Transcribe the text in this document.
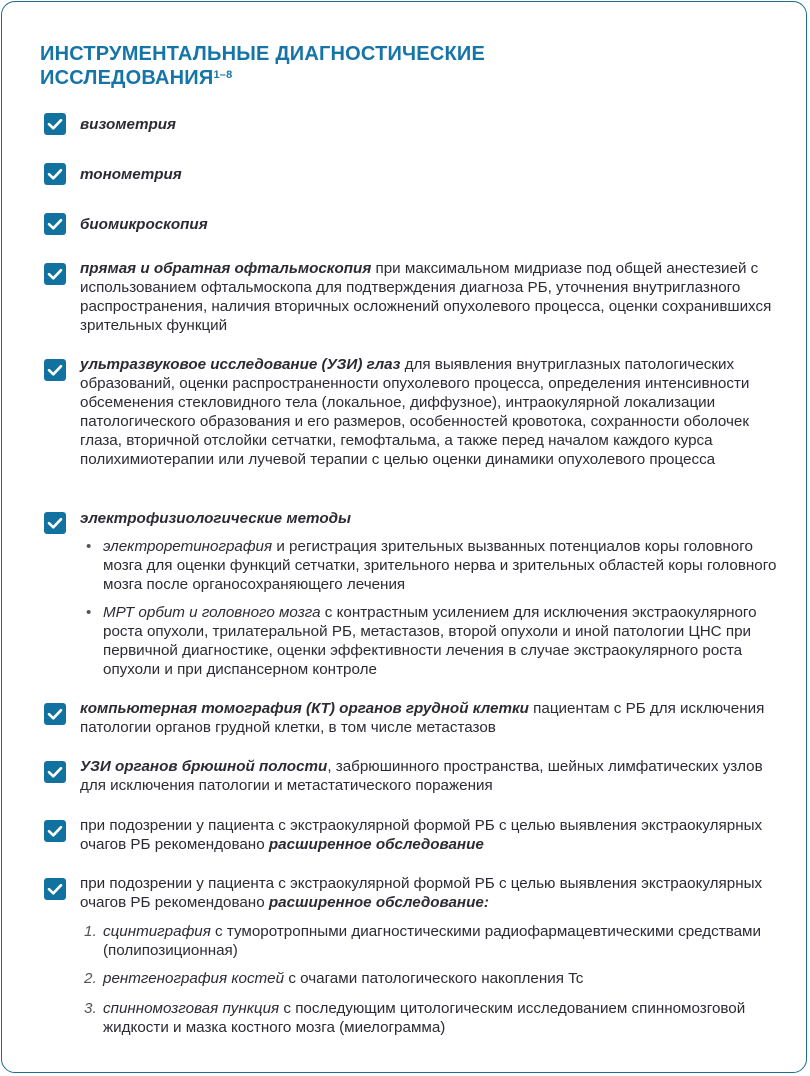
ИНСТРУМЕНТАЛЬНЫЕ ДИАГНОСТИЧЕСКИЕ
ИССЛЕДОВАНИЯ$^{1-8}$
визометрия
тонометрия
биомикроскопия
прямая и обратная офтальмоскопия при максимальном мидриазе под общей анестезией с использованием офтальмоскопа для подтверждения диагноза РБ, уточнения внутриглазного распространения, наличия вторичных осложнений опухолевого процесса, оценки сохранившихся зрительных функций
ультразвуковое исследование (УЗИ) глаз для выявления внутриглазных патологических образований, оценки распространенности опухолевого процесса, определения интенсивности обсеменения стекловидного тела (локальное, диффузное), интраокулярной локализации патологического образования и его размеров, особенностей кровотока, сохранности оболочек глаза, вторичной отслойки сетчатки, гемофтальма, а также перед началом каждого курса полихимиотерапии или лучевой терапии с целью оценки динамики опухолевого процесса
электрофизиологические методы
• электроретинография и регистрация зрительных вызванных потенциалов коры головного мозга для оценки функций сетчатки, зрительного нерва и зрительных областей коры головного мозга после органосохраняющего лечения
• МРТ орбит и головного мозга с контрастным усилением для исключения экстраокулярного роста опухоли, трилатеральной РБ, метастазов, второй опухоли и иной патологии ЦНС при первичной диагностике, оценки эффективности лечения в случае экстраокулярного роста опухоли и при диспансерном контроле
компьютерная томография (КТ) органов грудной клетки пациентам с РБ для исключения патологии органов грудной клетки, в том числе метастазов
УЗИ органов брюшной полости, забрюшинного пространства, шейных лимфатических узлов для исключения патологии и метастатического поражения
при подозрении у пациента с экстраокулярной формой РБ с целью выявления экстраокулярных очагов РБ рекомендовано расширенное обследование
при подозрении у пациента с экстраокулярной формой РБ с целью выявления экстраокулярных очагов РБ рекомендовано расширенное обследование:
1. сцинтиграфия с туморотропными диагностическими радиофармацевтическими средствами (полипозиционная)
2. рентгенография костей с очагами патологического накопления Tc
3. спинномозговая пункция с последующим цитологическим исследованием спинномозговой жидкости и мазка костного мозга (миелограмма)
